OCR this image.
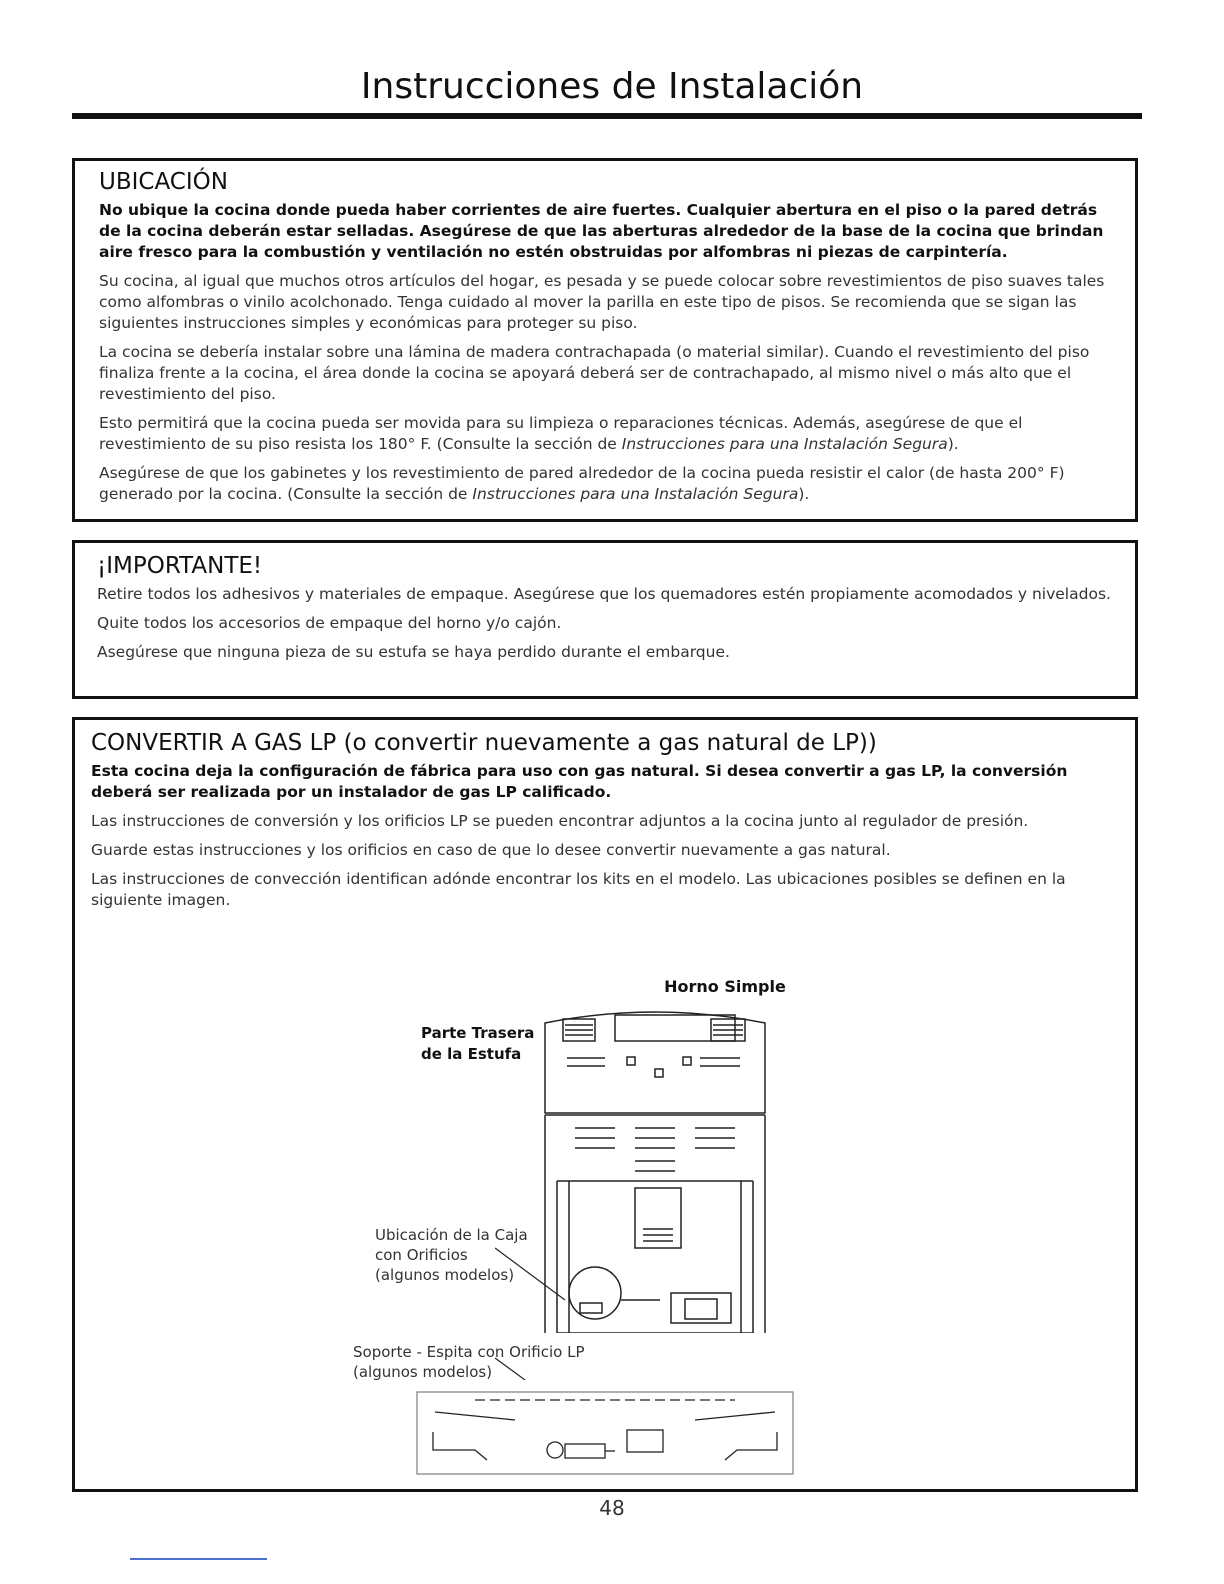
Instrucciones de Instalación
UBICACIÓN

No ubique la cocina donde pueda haber corrientes de aire fuertes. Cualquier abertura en el piso o la pared detrás de la cocina deberán estar selladas. Asegúrese de que las aberturas alrededor de la base de la cocina que brindan aire fresco para la combustión y ventilación no estén obstruidas por alfombras ni piezas de carpintería.

Su cocina, al igual que muchos otros artículos del hogar, es pesada y se puede colocar sobre revestimientos de piso suaves tales como alfombras o vinilo acolchonado. Tenga cuidado al mover la parilla en este tipo de pisos. Se recomienda que se sigan las siguientes instrucciones simples y económicas para proteger su piso.

La cocina se debería instalar sobre una lámina de madera contrachapada (o material similar). Cuando el revestimiento del piso finaliza frente a la cocina, el área donde la cocina se apoyará deberá ser de contrachapado, al mismo nivel o más alto que el revestimiento del piso.

Esto permitirá que la cocina pueda ser movida para su limpieza o reparaciones técnicas. Además, asegúrese de que el revestimiento de su piso resista los 180° F. (Consulte la sección de Instrucciones para una Instalación Segura).

Asegúrese de que los gabinetes y los revestimiento de pared alrededor de la cocina pueda resistir el calor (de hasta 200° F) generado por la cocina. (Consulte la sección de Instrucciones para una Instalación Segura).

¡IMPORTANTE!

Retire todos los adhesivos y materiales de empaque. Asegúrese que los quemadores estén propiamente acomodados y nivelados.

Quite todos los accesorios de empaque del horno y/o cajón.

Asegúrese que ninguna pieza de su estufa se haya perdido durante el embarque.

CONVERTIR A GAS LP (o convertir nuevamente a gas natural de LP))

Esta cocina deja la configuración de fábrica para uso con gas natural. Si desea convertir a gas LP, la conversión deberá ser realizada por un instalador de gas LP calificado.

Las instrucciones de conversión y los orificios LP se pueden encontrar adjuntos a la cocina junto al regulador de presión.

Guarde estas instrucciones y los orificios en caso de que lo desee convertir nuevamente a gas natural.

Las instrucciones de convección identifican adónde encontrar los kits en el modelo. Las ubicaciones posibles se definen en la siguiente imagen.

Horno Simple
Parte Trasera
de la Estufa
Ubicación de la Caja
con Orificios
(algunos modelos)
Soporte - Espita con Orificio LP
(algunos modelos)
48
